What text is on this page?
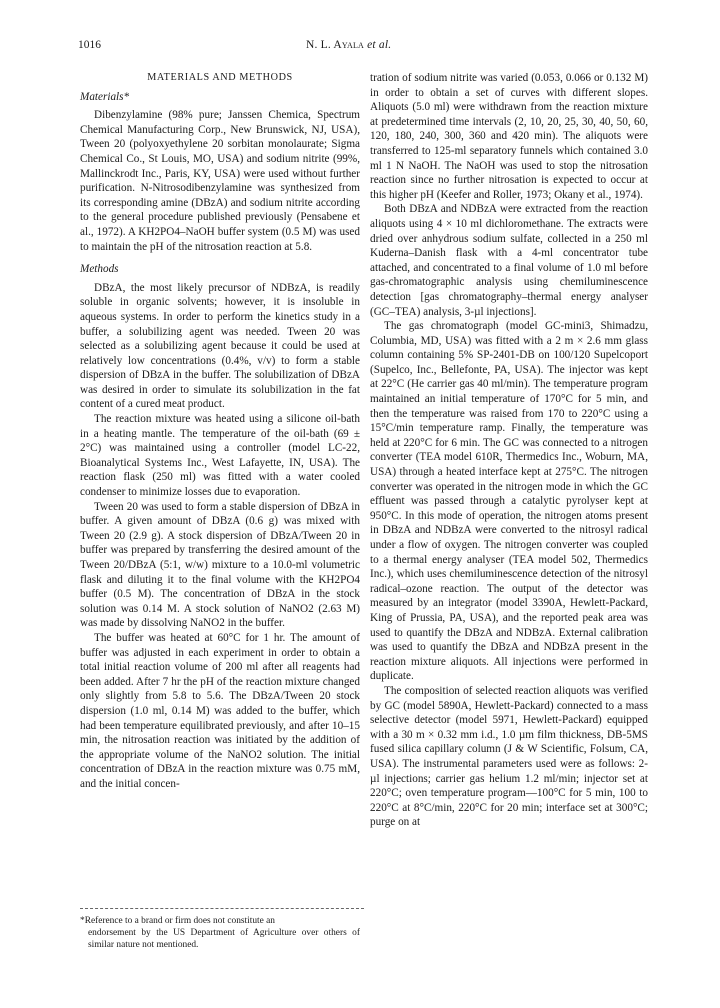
1016	N. L. Ayala et al.
MATERIALS AND METHODS
Materials*

Dibenzylamine (98% pure; Janssen Chemica, Spectrum Chemical Manufacturing Corp., New Brunswick, NJ, USA), Tween 20 (polyoxyethylene 20 sorbitan monolaurate; Sigma Chemical Co., St Louis, MO, USA) and sodium nitrite (99%, Mallinckrodt Inc., Paris, KY, USA) were used without further purification. N-Nitrosodibenzylamine was synthesized from its corresponding amine (DBzA) and sodium nitrite according to the general procedure published previously (Pensabene et al., 1972). A KH2PO4–NaOH buffer system (0.5 M) was used to maintain the pH of the nitrosation reaction at 5.8.

Methods

DBzA, the most likely precursor of NDBzA, is readily soluble in organic solvents; however, it is insoluble in aqueous systems. In order to perform the kinetics study in a buffer, a solubilizing agent was needed. Tween 20 was selected as a solubilizing agent because it could be used at relatively low concentrations (0.4%, v/v) to form a stable dispersion of DBzA in the buffer. The solubilization of DBzA was desired in order to simulate its solubilization in the fat content of a cured meat product.

The reaction mixture was heated using a silicone oil-bath in a heating mantle. The temperature of the oil-bath (69 ± 2°C) was maintained using a controller (model LC-22, Bioanalytical Systems Inc., West Lafayette, IN, USA). The reaction flask (250 ml) was fitted with a water cooled condenser to minimize losses due to evaporation.

Tween 20 was used to form a stable dispersion of DBzA in buffer. A given amount of DBzA (0.6 g) was mixed with Tween 20 (2.9 g). A stock dispersion of DBzA/Tween 20 in buffer was prepared by transferring the desired amount of the Tween 20/DBzA (5:1, w/w) mixture to a 10.0-ml volumetric flask and diluting it to the final volume with the KH2PO4 buffer (0.5 M). The concentration of DBzA in the stock solution was 0.14 M. A stock solution of NaNO2 (2.63 M) was made by dissolving NaNO2 in the buffer.

The buffer was heated at 60°C for 1 hr. The amount of buffer was adjusted in each experiment in order to obtain a total initial reaction volume of 200 ml after all reagents had been added. After 7 hr the pH of the reaction mixture changed only slightly from 5.8 to 5.6. The DBzA/Tween 20 stock dispersion (1.0 ml, 0.14 M) was added to the buffer, which had been temperature equilibrated previously, and after 10–15 min, the nitrosation reaction was initiated by the addition of the appropriate volume of the NaNO2 solution. The initial concentration of DBzA in the reaction mixture was 0.75 mM, and the initial concen-

tration of sodium nitrite was varied (0.053, 0.066 or 0.132 M) in order to obtain a set of curves with different slopes. Aliquots (5.0 ml) were withdrawn from the reaction mixture at predetermined time intervals (2, 10, 20, 25, 30, 40, 50, 60, 120, 180, 240, 300, 360 and 420 min). The aliquots were transferred to 125-ml separatory funnels which contained 3.0 ml 1 N NaOH. The NaOH was used to stop the nitrosation reaction since no further nitrosation is expected to occur at this higher pH (Keefer and Roller, 1973; Okany et al., 1974).

Both DBzA and NDBzA were extracted from the reaction aliquots using 4 × 10 ml dichloromethane. The extracts were dried over anhydrous sodium sulfate, collected in a 250 ml Kuderna–Danish flask with a 4-ml concentrator tube attached, and concentrated to a final volume of 1.0 ml before gas-chromatographic analysis using chemiluminescence detection [gas chromatography–thermal energy analyser (GC–TEA) analysis, 3-µl injections].

The gas chromatograph (model GC-mini3, Shimadzu, Columbia, MD, USA) was fitted with a 2 m × 2.6 mm glass column containing 5% SP-2401-DB on 100/120 Supelcoport (Supelco, Inc., Bellefonte, PA, USA). The injector was kept at 22°C (He carrier gas 40 ml/min). The temperature program maintained an initial temperature of 170°C for 5 min, and then the temperature was raised from 170 to 220°C using a 15°C/min temperature ramp. Finally, the temperature was held at 220°C for 6 min. The GC was connected to a nitrogen converter (TEA model 610R, Thermedics Inc., Woburn, MA, USA) through a heated interface kept at 275°C. The nitrogen converter was operated in the nitrogen mode in which the GC effluent was passed through a catalytic pyrolyser kept at 950°C. In this mode of operation, the nitrogen atoms present in DBzA and NDBzA were converted to the nitrosyl radical under a flow of oxygen. The nitrogen converter was coupled to a thermal energy analyser (TEA model 502, Thermedics Inc.), which uses chemiluminescence detection of the nitrosyl radical–ozone reaction. The output of the detector was measured by an integrator (model 3390A, Hewlett-Packard, King of Prussia, PA, USA), and the reported peak area was used to quantify the DBzA and NDBzA. External calibration was used to quantify the DBzA and NDBzA present in the reaction mixture aliquots. All injections were performed in duplicate.

The composition of selected reaction aliquots was verified by GC (model 5890A, Hewlett-Packard) connected to a mass selective detector (model 5971, Hewlett-Packard) equipped with a 30 m × 0.32 mm i.d., 1.0 µm film thickness, DB-5MS fused silica capillary column (J & W Scientific, Folsum, CA, USA). The instrumental parameters used were as follows: 2-µl injections; carrier gas helium 1.2 ml/min; injector set at 220°C; oven temperature program—100°C for 5 min, 100 to 220°C at 8°C/min, 220°C for 20 min; interface set at 300°C; purge on at

*Reference to a brand or firm does not constitute an
endorsement by the US Department of Agriculture over others of similar nature not mentioned.
